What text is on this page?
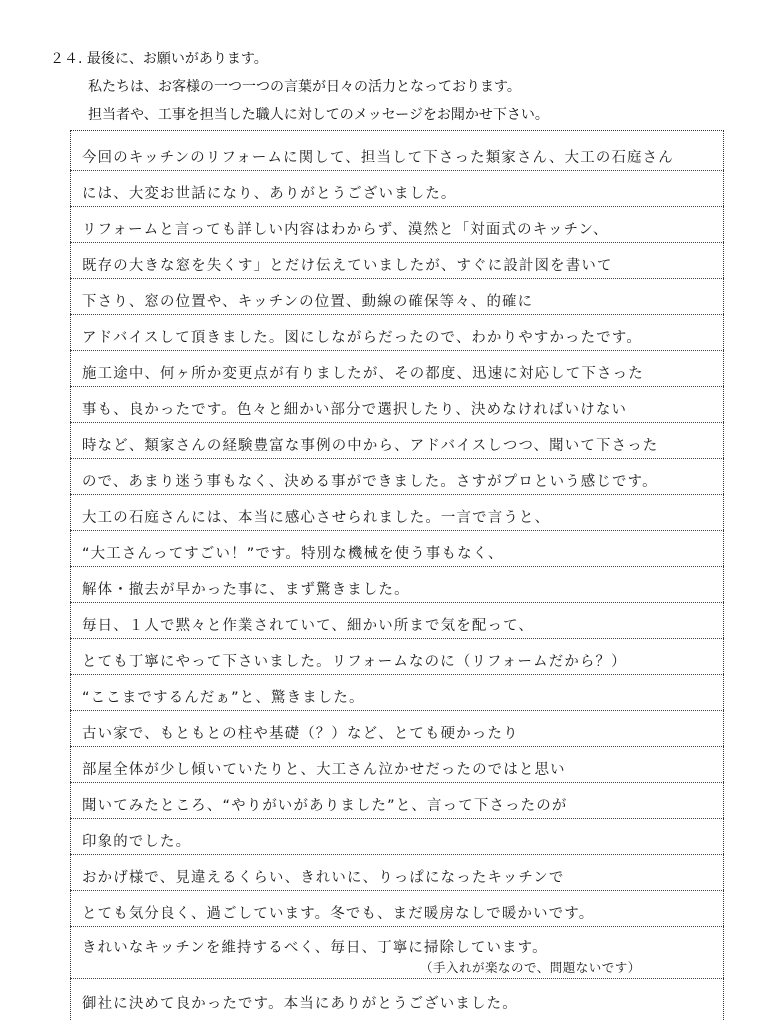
２４. 最後に、お願いがあります。
私たちは、お客様の一つ一つの言葉が日々の活力となっております。
担当者や、工事を担当した職人に対してのメッセージをお聞かせ下さい。
今回のキッチンのリフォームに関して、担当して下さった類家さん、大工の石庭さん
には、大変お世話になり、ありがとうございました。
リフォームと言っても詳しい内容はわからず、漠然と「対面式のキッチン、
既存の大きな窓を失くす」とだけ伝えていましたが、すぐに設計図を書いて
下さり、窓の位置や、キッチンの位置、動線の確保等々、的確に
アドバイスして頂きました。図にしながらだったので、わかりやすかったです。
施工途中、何ヶ所か変更点が有りましたが、その都度、迅速に対応して下さった
事も、良かったです。色々と細かい部分で選択したり、決めなければいけない
時など、類家さんの経験豊富な事例の中から、アドバイスしつつ、聞いて下さった
ので、あまり迷う事もなく、決める事ができました。さすがプロという感じです。
大工の石庭さんには、本当に感心させられました。一言で言うと、
“大工さんってすごい！”です。特別な機械を使う事もなく、
解体・撤去が早かった事に、まず驚きました。
毎日、１人で黙々と作業されていて、細かい所まで気を配って、
とても丁寧にやって下さいました。リフォームなのに（リフォームだから？）
“ここまでするんだぁ”と、驚きました。
古い家で、もともとの柱や基礎（？）など、とても硬かったり
部屋全体が少し傾いていたりと、大工さん泣かせだったのではと思い
聞いてみたところ、“やりがいがありました”と、言って下さったのが
印象的でした。
おかげ様で、見違えるくらい、きれいに、りっぱになったキッチンで
とても気分良く、過ごしています。冬でも、まだ暖房なしで暖かいです。
きれいなキッチンを維持するべく、毎日、丁寧に掃除しています。
（手入れが楽なので、問題ないです）
御社に決めて良かったです。本当にありがとうございました。
